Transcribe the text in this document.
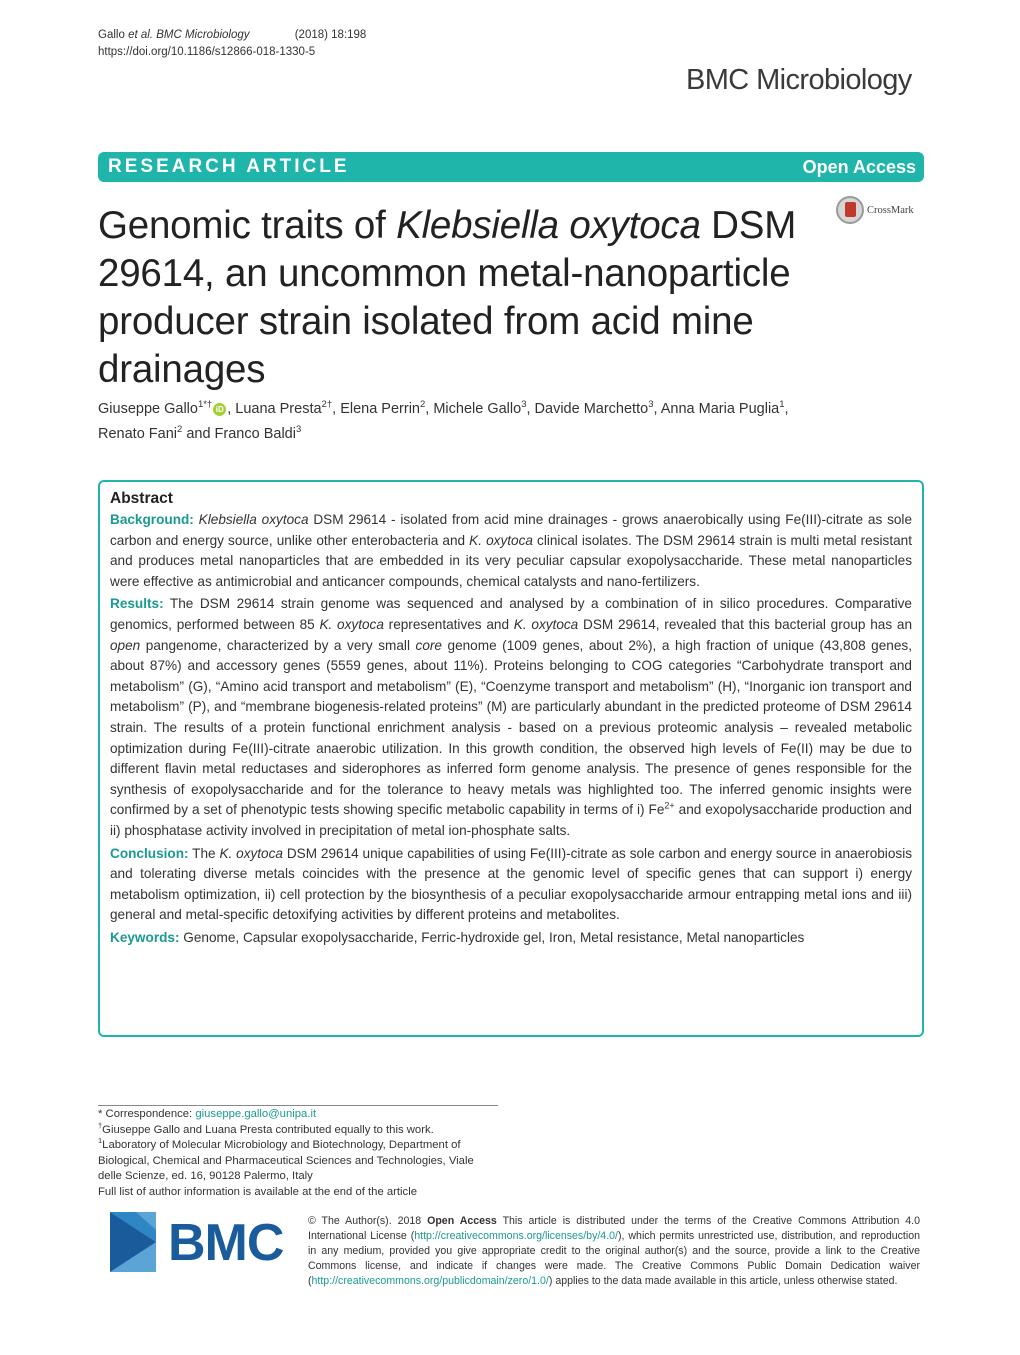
Gallo et al. BMC Microbiology	(2018) 18:198
https://doi.org/10.1186/s12866-018-1330-5
BMC Microbiology
RESEARCH ARTICLE	Open Access
CrossMark
Genomic traits of Klebsiella oxytoca DSM 29614, an uncommon metal-nanoparticle producer strain isolated from acid mine drainages
Giuseppe Gallo$^{1*\dagger}$ iD , Luana Presta$^{2\dagger}$, Elena Perrin$^2$, Michele Gallo$^3$, Davide Marchetto$^3$, Anna Maria Puglia$^1$,
Renato Fani$^2$ and Franco Baldi$^3$
Abstract

Background: Klebsiella oxytoca DSM 29614 - isolated from acid mine drainages - grows anaerobically using Fe(III)-citrate as sole carbon and energy source, unlike other enterobacteria and K. oxytoca clinical isolates. The DSM 29614 strain is multi metal resistant and produces metal nanoparticles that are embedded in its very peculiar capsular exopolysaccharide. These metal nanoparticles were effective as antimicrobial and anticancer compounds, chemical catalysts and nano-fertilizers.

Results: The DSM 29614 strain genome was sequenced and analysed by a combination of in silico procedures. Comparative genomics, performed between 85 K. oxytoca representatives and K. oxytoca DSM 29614, revealed that this bacterial group has an open pangenome, characterized by a very small core genome (1009 genes, about 2%), a high fraction of unique (43,808 genes, about 87%) and accessory genes (5559 genes, about 11%). Proteins belonging to COG categories “Carbohydrate transport and metabolism” (G), “Amino acid transport and metabolism” (E), “Coenzyme transport and metabolism” (H), “Inorganic ion transport and metabolism” (P), and “membrane biogenesis-related proteins” (M) are particularly abundant in the predicted proteome of DSM 29614 strain. The results of a protein functional enrichment analysis - based on a previous proteomic analysis – revealed metabolic optimization during Fe(III)-citrate anaerobic utilization. In this growth condition, the observed high levels of Fe(II) may be due to different flavin metal reductases and siderophores as inferred form genome analysis. The presence of genes responsible for the synthesis of exopolysaccharide and for the tolerance to heavy metals was highlighted too. The inferred genomic insights were confirmed by a set of phenotypic tests showing specific metabolic capability in terms of i) $Fe^{2+}$ and exopolysaccharide production and ii) phosphatase activity involved in precipitation of metal ion-phosphate salts.

Conclusion: The K. oxytoca DSM 29614 unique capabilities of using Fe(III)-citrate as sole carbon and energy source in anaerobiosis and tolerating diverse metals coincides with the presence at the genomic level of specific genes that can support i) energy metabolism optimization, ii) cell protection by the biosynthesis of a peculiar exopolysaccharide armour entrapping metal ions and iii) general and metal-specific detoxifying activities by different proteins and metabolites.

Keywords: Genome, Capsular exopolysaccharide, Ferric-hydroxide gel, Iron, Metal resistance, Metal nanoparticles

* Correspondence: giuseppe.gallo@unipa.it
†Giuseppe Gallo and Luana Presta contributed equally to this work.
$^1$Laboratory of Molecular Microbiology and Biotechnology, Department of Biological, Chemical and Pharmaceutical Sciences and Technologies, Viale delle Scienze, ed. 16, 90128 Palermo, Italy
Full list of author information is available at the end of the article
BMC © The Author(s). 2018 Open Access This article is distributed under the terms of the Creative Commons Attribution 4.0 International License (http://creativecommons.org/licenses/by/4.0/), which permits unrestricted use, distribution, and reproduction in any medium, provided you give appropriate credit to the original author(s) and the source, provide a link to the Creative Commons license, and indicate if changes were made. The Creative Commons Public Domain Dedication waiver (http://creativecommons.org/publicdomain/zero/1.0/) applies to the data made available in this article, unless otherwise stated.
